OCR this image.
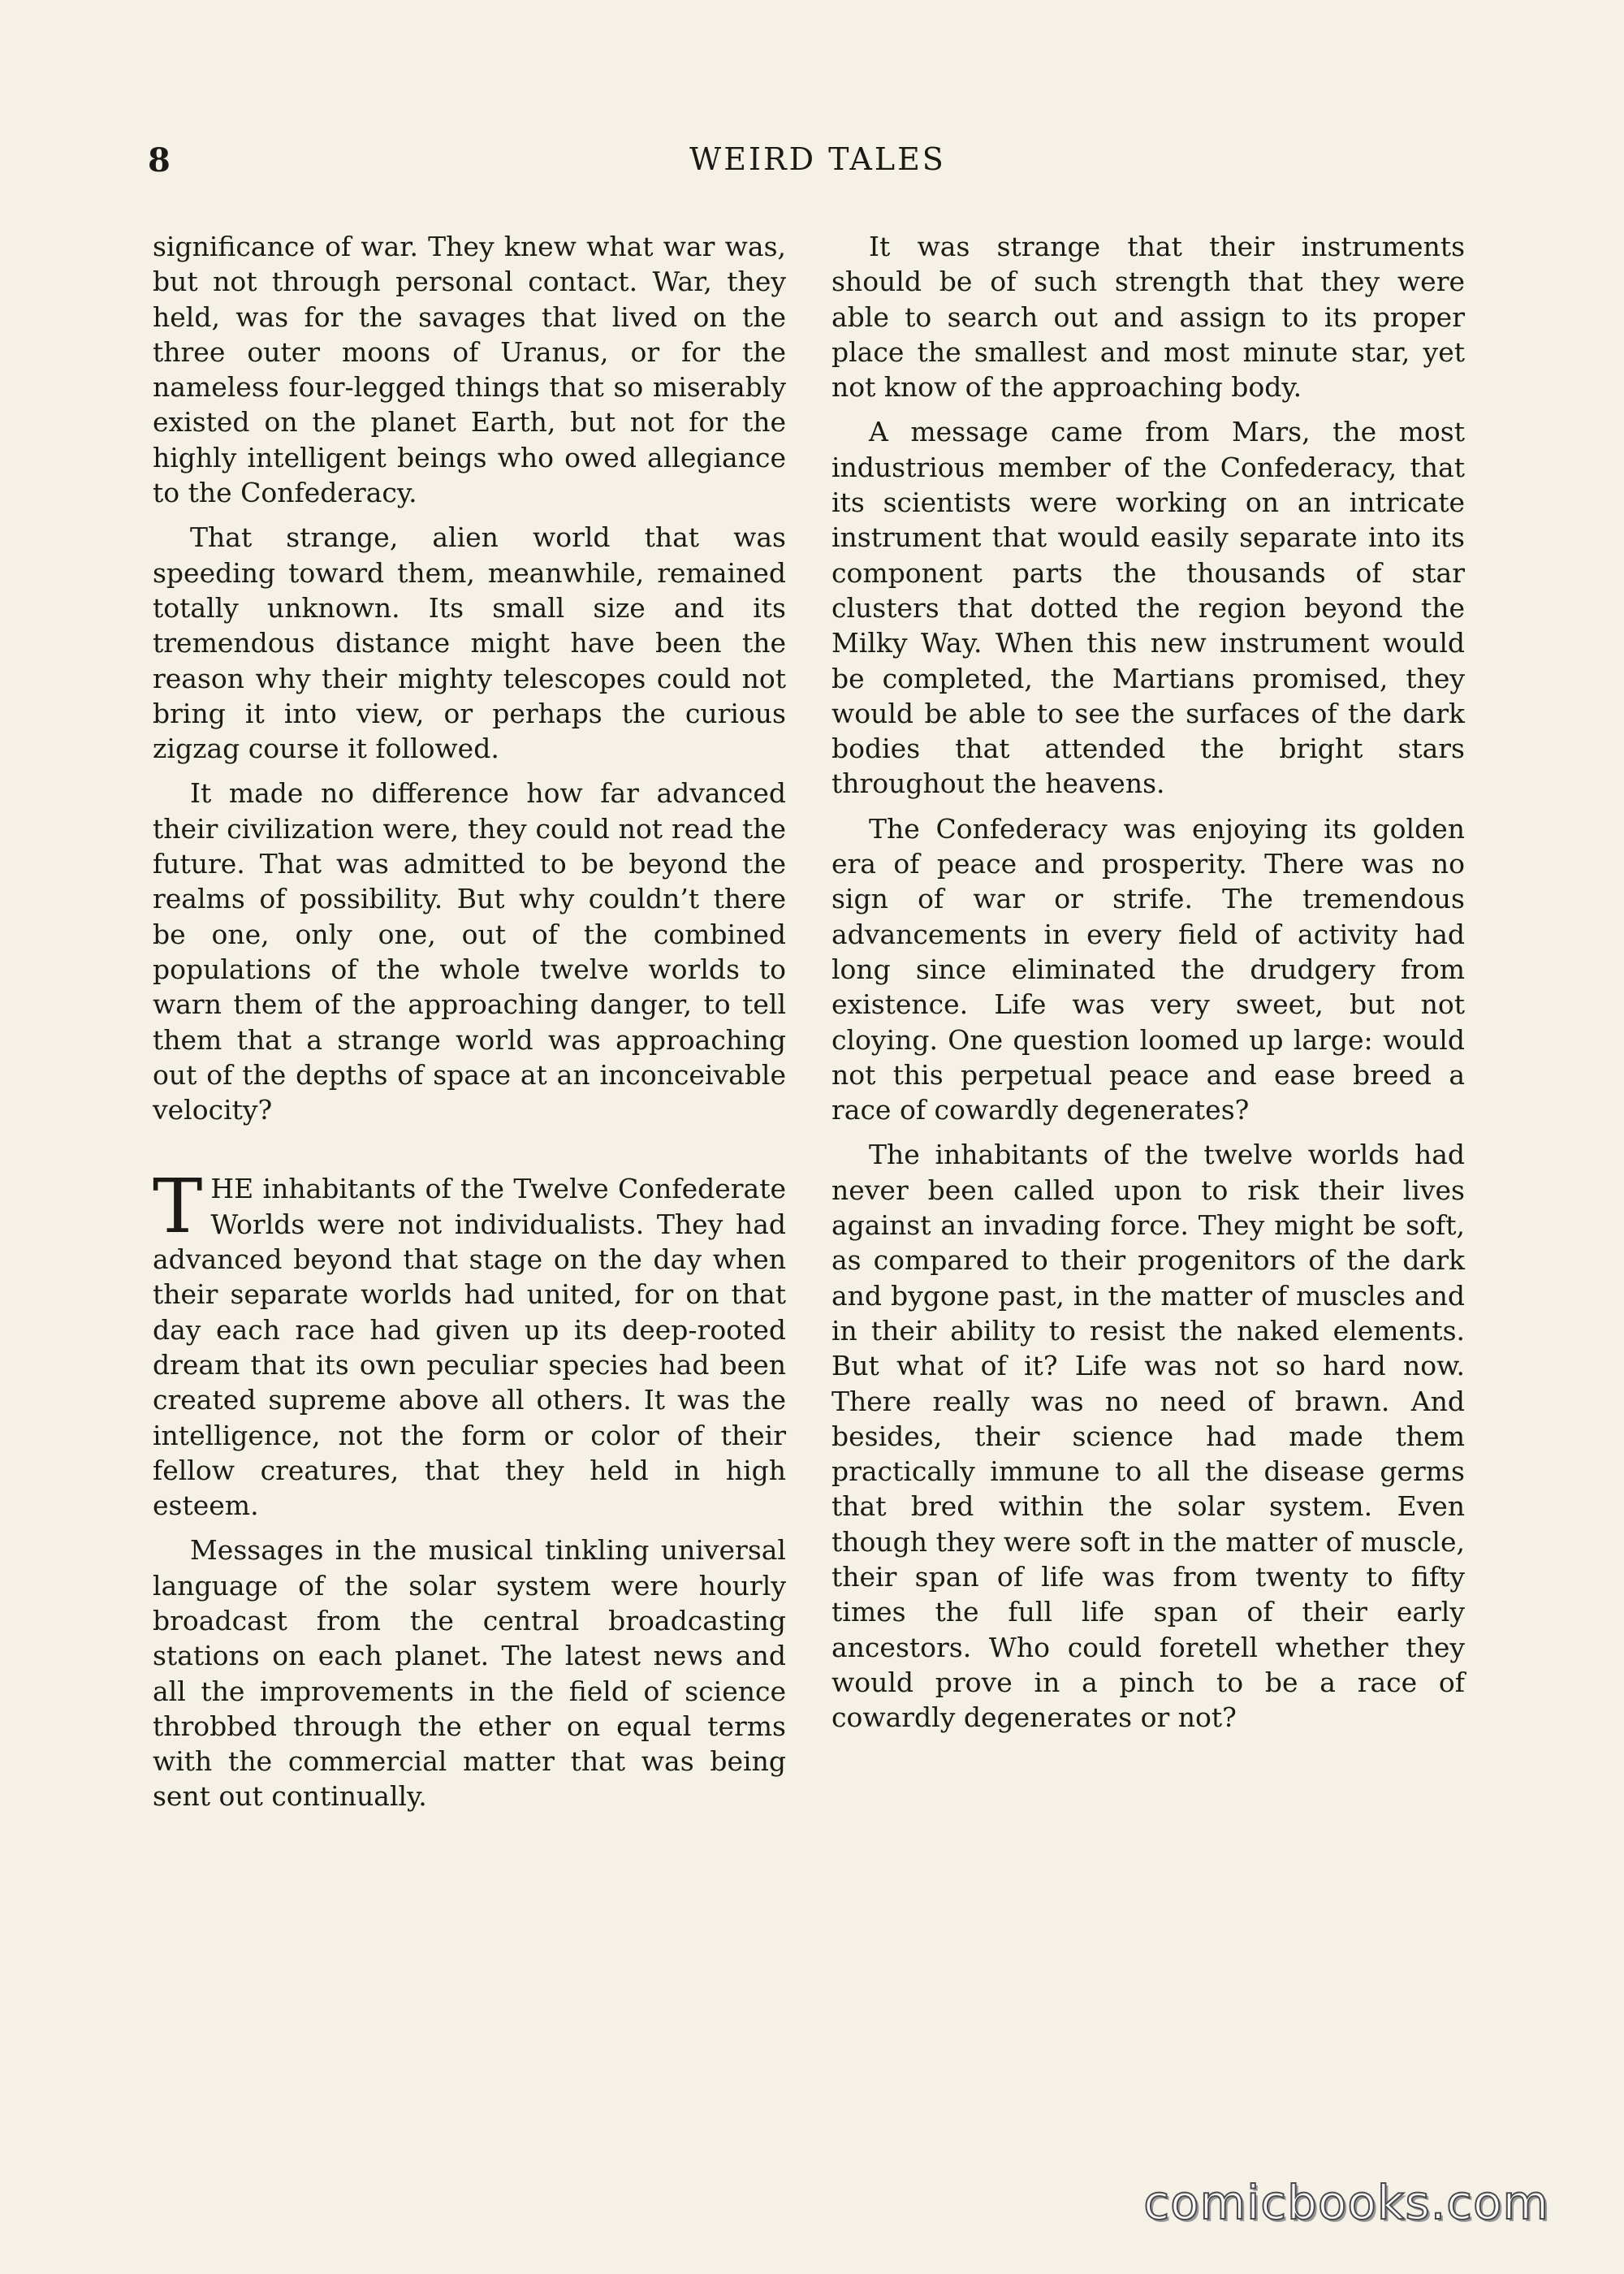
8	WEIRD TALES

significance of war. They knew what war was, but not through personal contact. War, they held, was for the savages that lived on the three outer moons of Uranus, or for the nameless four-legged things that so miserably existed on the planet Earth, but not for the highly intelligent beings who owed allegiance to the Confederacy.

That strange, alien world that was speeding toward them, meanwhile, remained totally unknown. Its small size and its tremendous distance might have been the reason why their mighty telescopes could not bring it into view, or perhaps the curious zigzag course it followed.

It made no difference how far advanced their civilization were, they could not read the future. That was admitted to be beyond the realms of possibility. But why couldn’t there be one, only one, out of the combined populations of the whole twelve worlds to warn them of the approaching danger, to tell them that a strange world was approaching out of the depths of space at an inconceivable velocity?

THE inhabitants of the Twelve Confederate Worlds were not individualists. They had advanced beyond that stage on the day when their separate worlds had united, for on that day each race had given up its deep-rooted dream that its own peculiar species had been created supreme above all others. It was the intelligence, not the form or color of their fellow creatures, that they held in high esteem.

Messages in the musical tinkling universal language of the solar system were hourly broadcast from the central broadcasting stations on each planet. The latest news and all the improvements in the field of science throbbed through the ether on equal terms with the commercial matter that was being sent out continually.

It was strange that their instruments should be of such strength that they were able to search out and assign to its proper place the smallest and most minute star, yet not know of the approaching body.

A message came from Mars, the most industrious member of the Confederacy, that its scientists were working on an intricate instrument that would easily separate into its component parts the thousands of star clusters that dotted the region beyond the Milky Way. When this new instrument would be completed, the Martians promised, they would be able to see the surfaces of the dark bodies that attended the bright stars throughout the heavens.

The Confederacy was enjoying its golden era of peace and prosperity. There was no sign of war or strife. The tremendous advancements in every field of activity had long since eliminated the drudgery from existence. Life was very sweet, but not cloying. One question loomed up large: would not this perpetual peace and ease breed a race of cowardly degenerates?

The inhabitants of the twelve worlds had never been called upon to risk their lives against an invading force. They might be soft, as compared to their progenitors of the dark and bygone past, in the matter of muscles and in their ability to resist the naked elements. But what of it? Life was not so hard now. There really was no need of brawn. And besides, their science had made them practically immune to all the disease germs that bred within the solar system. Even though they were soft in the matter of muscle, their span of life was from twenty to fifty times the full life span of their early ancestors. Who could foretell whether they would prove in a pinch to be a race of cowardly degenerates or not?

comicbooks.com
